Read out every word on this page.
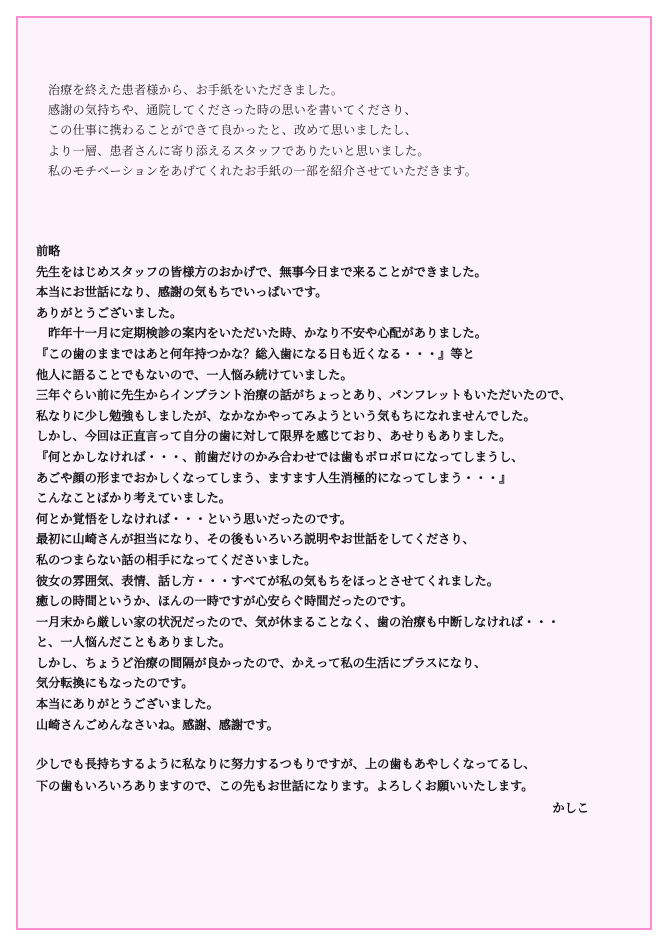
治療を終えた患者様から、お手紙をいただきました。
感謝の気持ちや、通院してくださった時の思いを書いてくださり、
この仕事に携わることができて良かったと、改めて思いましたし、
より一層、患者さんに寄り添えるスタッフでありたいと思いました。
私のモチベーションをあげてくれたお手紙の一部を紹介させていただきます。
前略
先生をはじめスタッフの皆様方のおかげで、無事今日まで来ることができました。
本当にお世話になり、感謝の気もちでいっぱいです。
ありがとうございました。
　昨年十一月に定期検診の案内をいただいた時、かなり不安や心配がありました。
『この歯のままではあと何年持つかな？総入歯になる日も近くなる・・・』等と
他人に語ることでもないので、一人悩み続けていました。
三年ぐらい前に先生からインプラント治療の話がちょっとあり、パンフレットもいただいたので、
私なりに少し勉強もしましたが、なかなかやってみようという気もちになれませんでした。
しかし、今回は正直言って自分の歯に対して限界を感じており、あせりもありました。
『何とかしなければ・・・、前歯だけのかみ合わせでは歯もボロボロになってしまうし、
あごや顔の形までおかしくなってしまう、ますます人生消極的になってしまう・・・』
こんなことばかり考えていました。
何とか覚悟をしなければ・・・という思いだったのです。
最初に山崎さんが担当になり、その後もいろいろ説明やお世話をしてくださり、
私のつまらない話の相手になってくださいました。
彼女の雰囲気、表情、話し方・・・すべてが私の気もちをほっとさせてくれました。
癒しの時間というか、ほんの一時ですが心安らぐ時間だったのです。
一月末から厳しい家の状況だったので、気が休まることなく、歯の治療も中断しなければ・・・
と、一人悩んだこともありました。
しかし、ちょうど治療の間隔が良かったので、かえって私の生活にプラスになり、
気分転換にもなったのです。
本当にありがとうございました。
山崎さんごめんなさいね。感謝、感謝です。
少しでも長持ちするように私なりに努力するつもりですが、上の歯もあやしくなってるし、
下の歯もいろいろありますので、この先もお世話になります。よろしくお願いいたします。
かしこ
